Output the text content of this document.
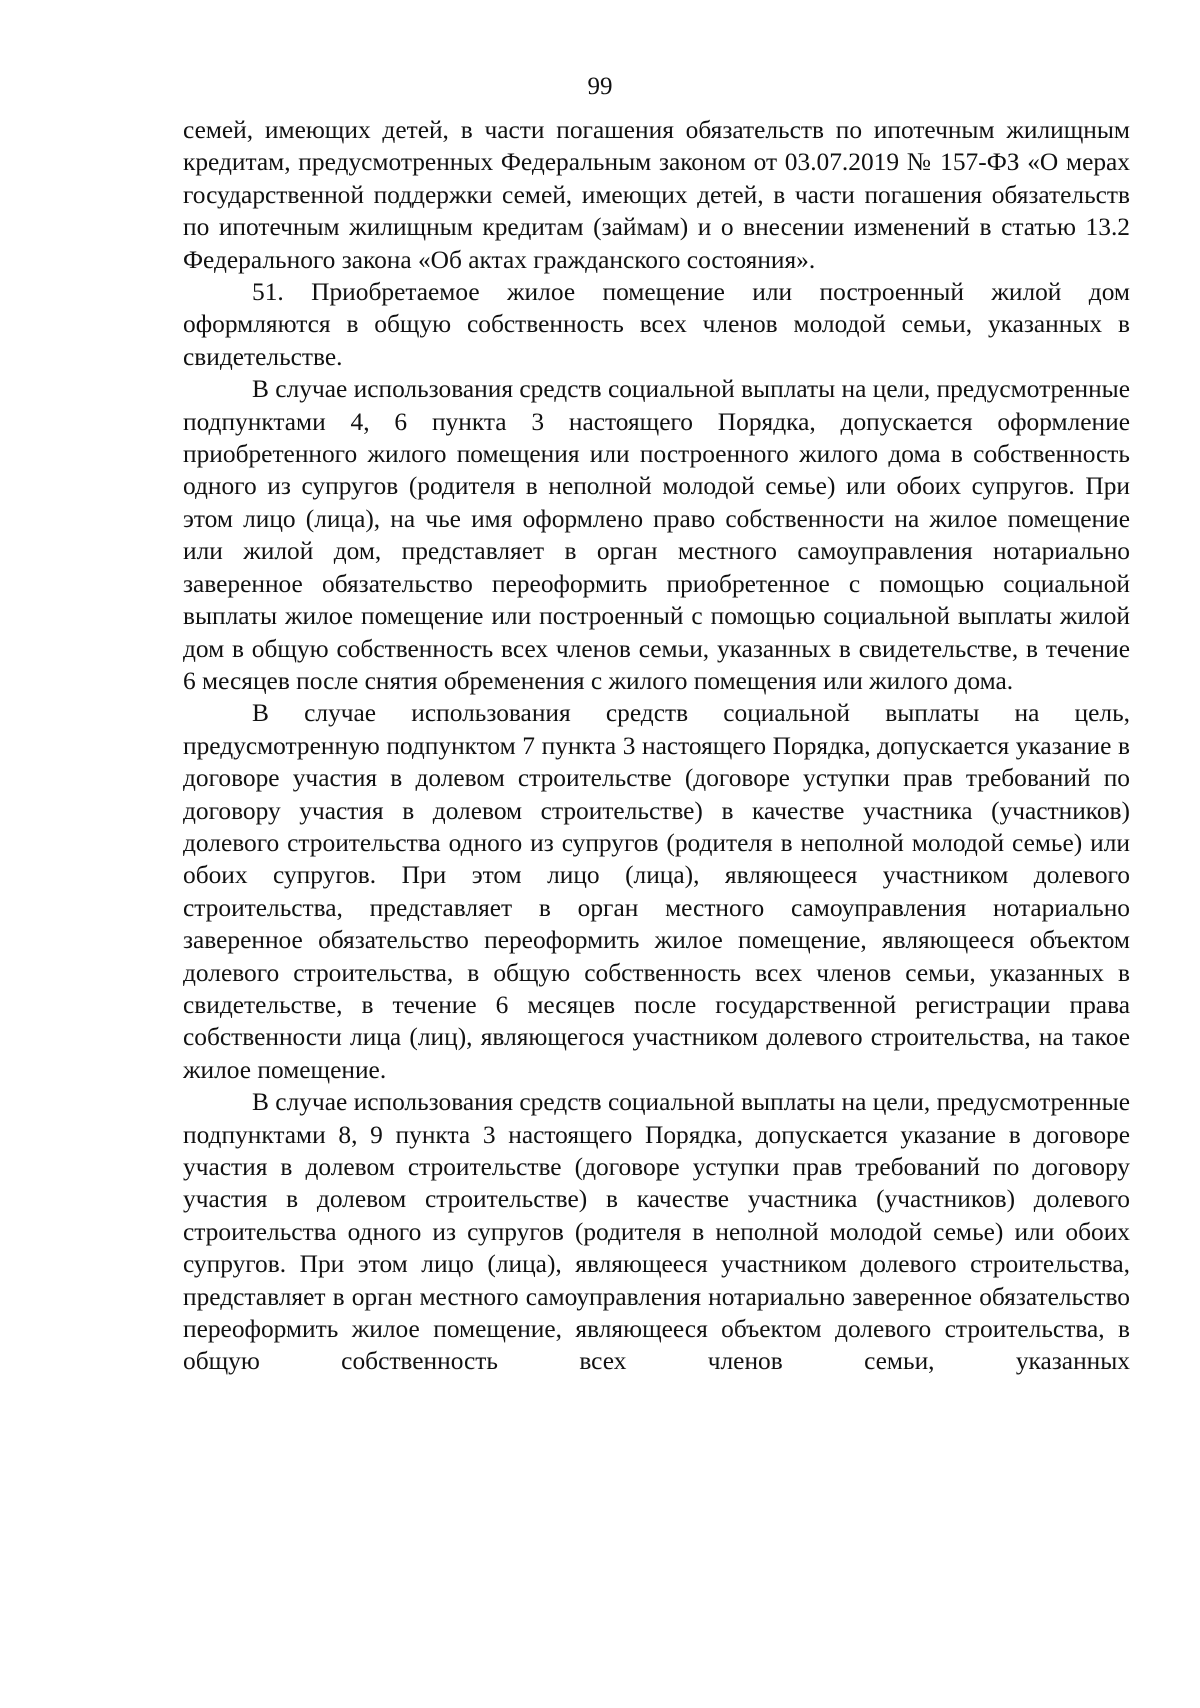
99

семей, имеющих детей, в части погашения обязательств по ипотечным жилищным кредитам, предусмотренных Федеральным законом от 03.07.2019 № 157-ФЗ «О мерах государственной поддержки семей, имеющих детей, в части погашения обязательств по ипотечным жилищным кредитам (займам) и о внесении изменений в статью 13.2 Федерального закона «Об актах гражданского состояния».

51. Приобретаемое жилое помещение или построенный жилой дом оформляются в общую собственность всех членов молодой семьи, указанных в свидетельстве.

В случае использования средств социальной выплаты на цели, предусмотренные подпунктами 4, 6 пункта 3 настоящего Порядка, допускается оформление приобретенного жилого помещения или построенного жилого дома в собственность одного из супругов (родителя в неполной молодой семье) или обоих супругов. При этом лицо (лица), на чье имя оформлено право собственности на жилое помещение или жилой дом, представляет в орган местного самоуправления нотариально заверенное обязательство переоформить приобретенное с помощью социальной выплаты жилое помещение или построенный с помощью социальной выплаты жилой дом в общую собственность всех членов семьи, указанных в свидетельстве, в течение 6 месяцев после снятия обременения с жилого помещения или жилого дома.

В случае использования средств социальной выплаты на цель, предусмотренную подпунктом 7 пункта 3 настоящего Порядка, допускается указание в договоре участия в долевом строительстве (договоре уступки прав требований по договору участия в долевом строительстве) в качестве участника (участников) долевого строительства одного из супругов (родителя в неполной молодой семье) или обоих супругов. При этом лицо (лица), являющееся участником долевого строительства, представляет в орган местного самоуправления нотариально заверенное обязательство переоформить жилое помещение, являющееся объектом долевого строительства, в общую собственность всех членов семьи, указанных в свидетельстве, в течение 6 месяцев после государственной регистрации права собственности лица (лиц), являющегося участником долевого строительства, на такое жилое помещение.

В случае использования средств социальной выплаты на цели, предусмотренные подпунктами 8, 9 пункта 3 настоящего Порядка, допускается указание в договоре участия в долевом строительстве (договоре уступки прав требований по договору участия в долевом строительстве) в качестве участника (участников) долевого строительства одного из супругов (родителя в неполной молодой семье) или обоих супругов. При этом лицо (лица), являющееся участником долевого строительства, представляет в орган местного самоуправления нотариально заверенное обязательство переоформить жилое помещение, являющееся объектом долевого строительства, в общую собственность всех членов семьи, указанных
